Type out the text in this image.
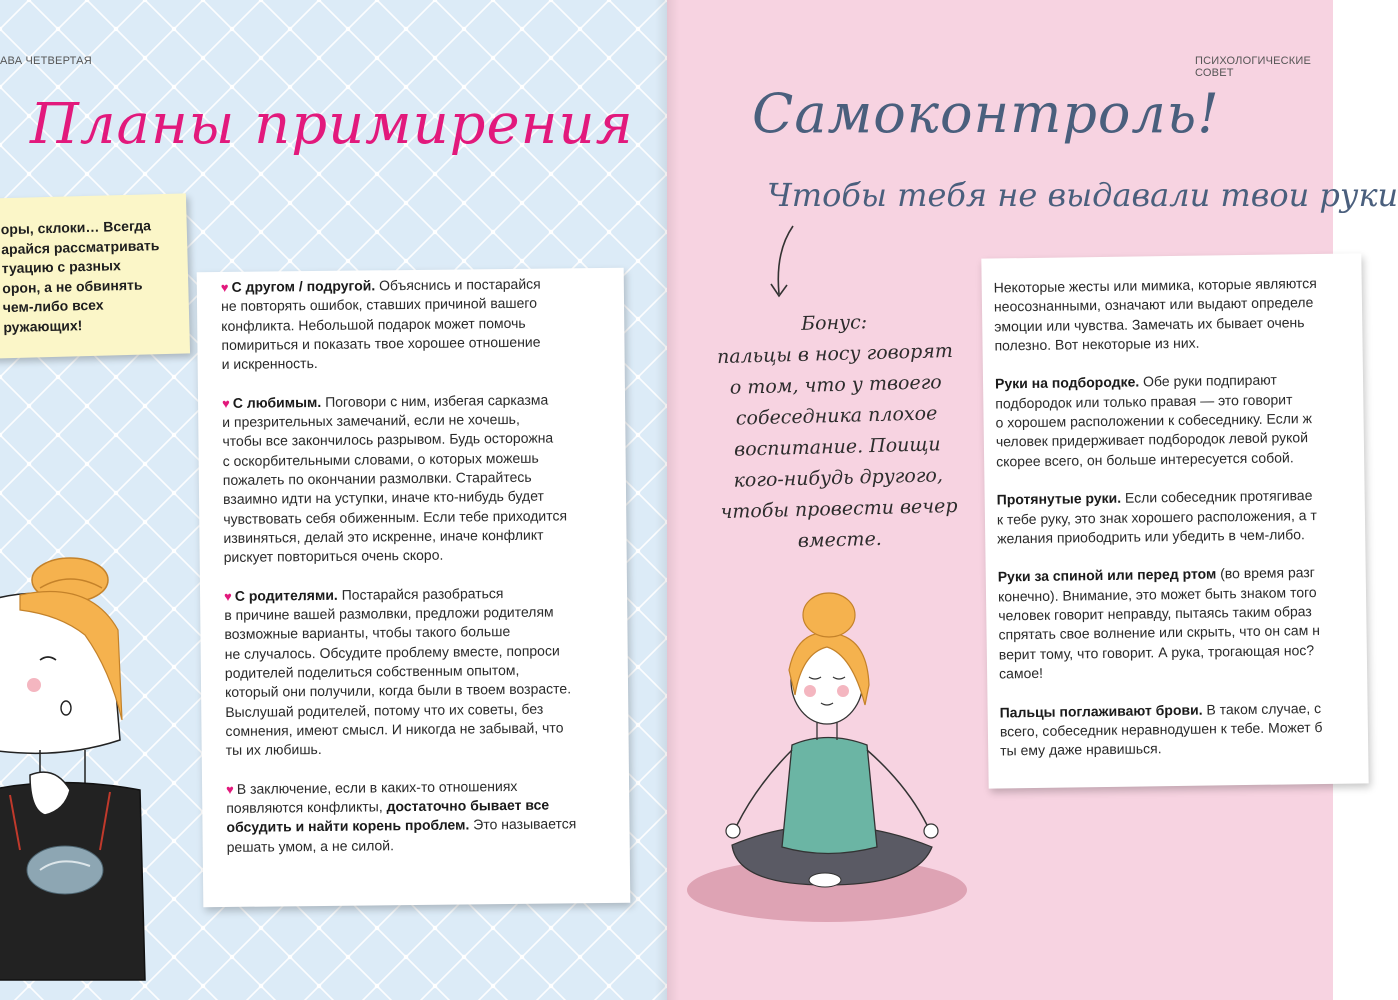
АВА ЧЕТВЕРТАЯ
Планы примирения
оры, склоки… Всегда
арайся рассматривать
туацию с разных
орон, а не обвинять
чем-либо всех
ружающих!

♥ С другом / подругой. Объяснись и постарайся
не повторять ошибок, ставших причиной вашего
конфликта. Небольшой подарок может помочь
помириться и показать твое хорошее отношение
и искренность.

♥ С любимым. Поговори с ним, избегая сарказма
и презрительных замечаний, если не хочешь,
чтобы все закончилось разрывом. Будь осторожна
с оскорбительными словами, о которых можешь
пожалеть по окончании размолвки. Старайтесь
взаимно идти на уступки, иначе кто-нибудь будет
чувствовать себя обиженным. Если тебе приходится
извиняться, делай это искренне, иначе конфликт
рискует повториться очень скоро.

♥ С родителями. Постарайся разобраться
в причине вашей размолвки, предложи родителям
возможные варианты, чтобы такого больше
не случалось. Обсудите проблему вместе, попроси
родителей поделиться собственным опытом,
который они получили, когда были в твоем возрасте.
Выслушай родителей, потому что их советы, без
сомнения, имеют смысл. И никогда не забывай, что
ты их любишь.

♥ В заключение, если в каких-то отношениях
появляются конфликты, достаточно бывает все
обсудить и найти корень проблем. Это называется
решать умом, а не силой.

ПСИХОЛОГИЧЕСКИЕ СОВЕТ
Самоконтроль!
Чтобы тебя не выдавали твои руки
Бонус:
пальцы в носу говорят
о том, что у твоего
собеседника плохое
воспитание. Поищи
кого-нибудь другого,
чтобы провести вечер
вместе.

Некоторые жесты или мимика, которые являются
неосознанными, означают или выдают определе
эмоции или чувства. Замечать их бывает очень
полезно. Вот некоторые из них.

Руки на подбородке. Обе руки подпирают
подбородок или только правая — это говорит
о хорошем расположении к собеседнику. Если ж
человек придерживает подбородок левой рукой
скорее всего, он больше интересуется собой.

Протянутые руки. Если собеседник протягивае
к тебе руку, это знак хорошего расположения, а т
желания приободрить или убедить в чем-либо.

Руки за спиной или перед ртом (во время разг
конечно). Внимание, это может быть знаком того
человек говорит неправду, пытаясь таким образ
спрятать свое волнение или скрыть, что он сам н
верит тому, что говорит. А рука, трогающая нос?
самое!

Пальцы поглаживают брови. В таком случае, с
всего, собеседник неравнодушен к тебе. Может б
ты ему даже нравишься.
